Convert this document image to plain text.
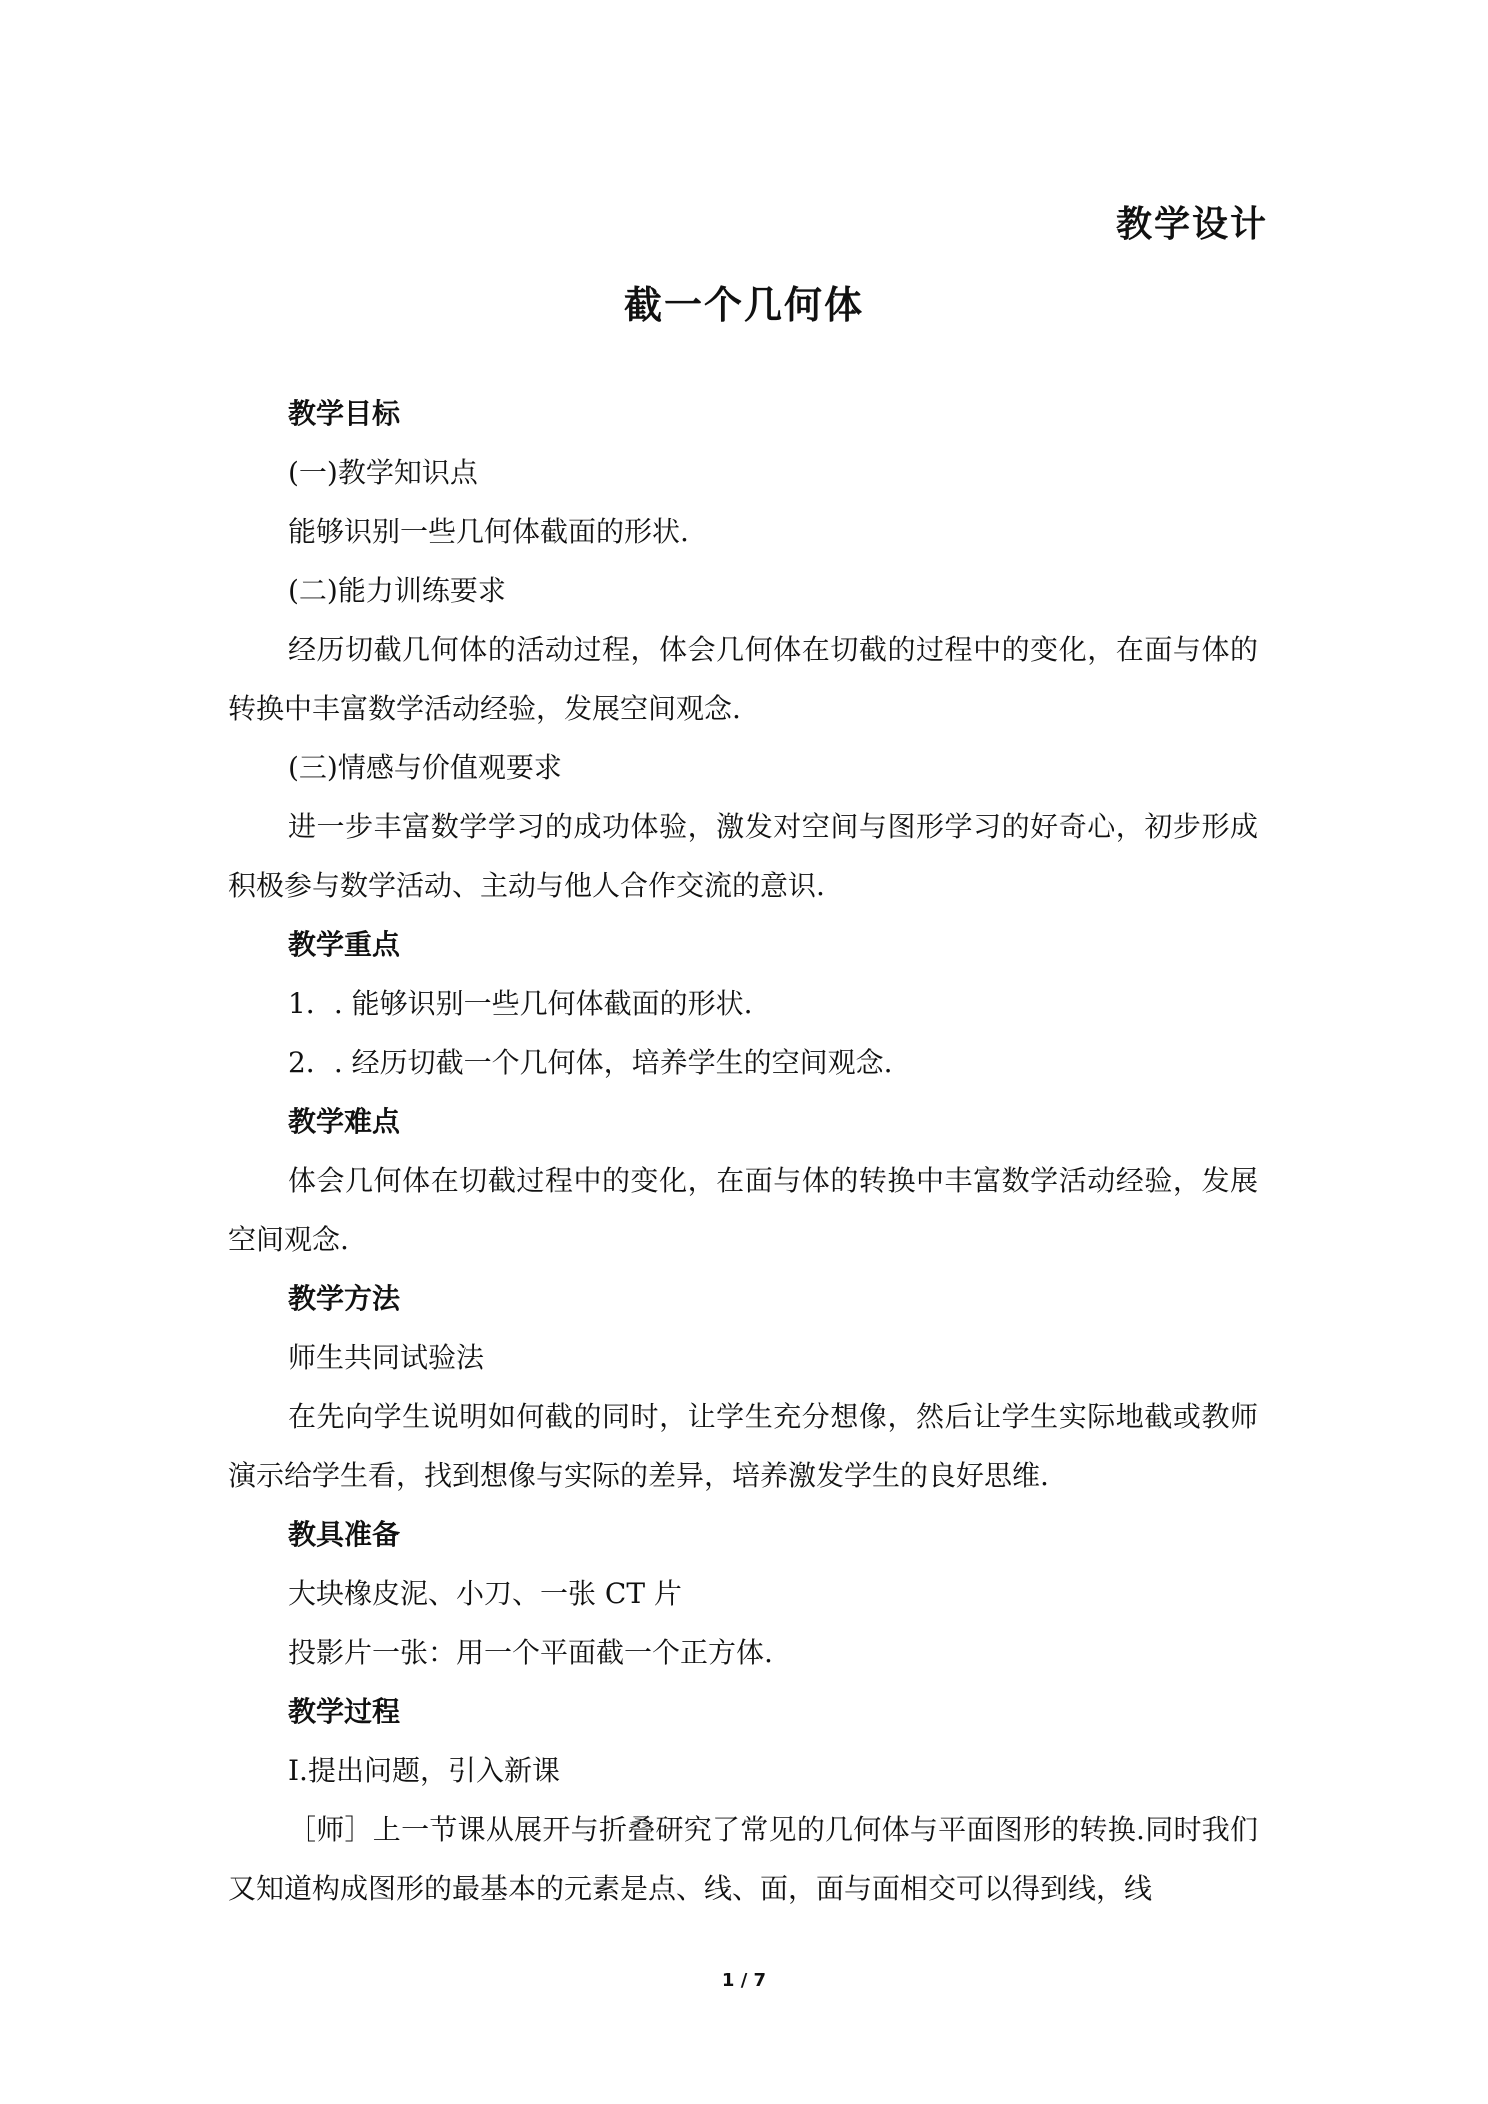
教学设计
截一个几何体

教学目标

(一)教学知识点

能够识别一些几何体截面的形状.

(二)能力训练要求

经历切截几何体的活动过程，体会几何体在切截的过程中的变化，在面与体的转换中丰富数学活动经验，发展空间观念.

(三)情感与价值观要求

进一步丰富数学学习的成功体验，激发对空间与图形学习的好奇心，初步形成积极参与数学活动、主动与他人合作交流的意识.

教学重点

1．. 能够识别一些几何体截面的形状.

2．. 经历切截一个几何体，培养学生的空间观念.

教学难点

体会几何体在切截过程中的变化，在面与体的转换中丰富数学活动经验，发展空间观念.

教学方法

师生共同试验法

在先向学生说明如何截的同时，让学生充分想像，然后让学生实际地截或教师演示给学生看，找到想像与实际的差异，培养激发学生的良好思维.

教具准备

大块橡皮泥、小刀、一张 CT 片

投影片一张：用一个平面截一个正方体.

教学过程

Ⅰ.提出问题，引入新课

［师］上一节课从展开与折叠研究了常见的几何体与平面图形的转换.同时我们又知道构成图形的最基本的元素是点、线、面，面与面相交可以得到线，线

1 / 7
